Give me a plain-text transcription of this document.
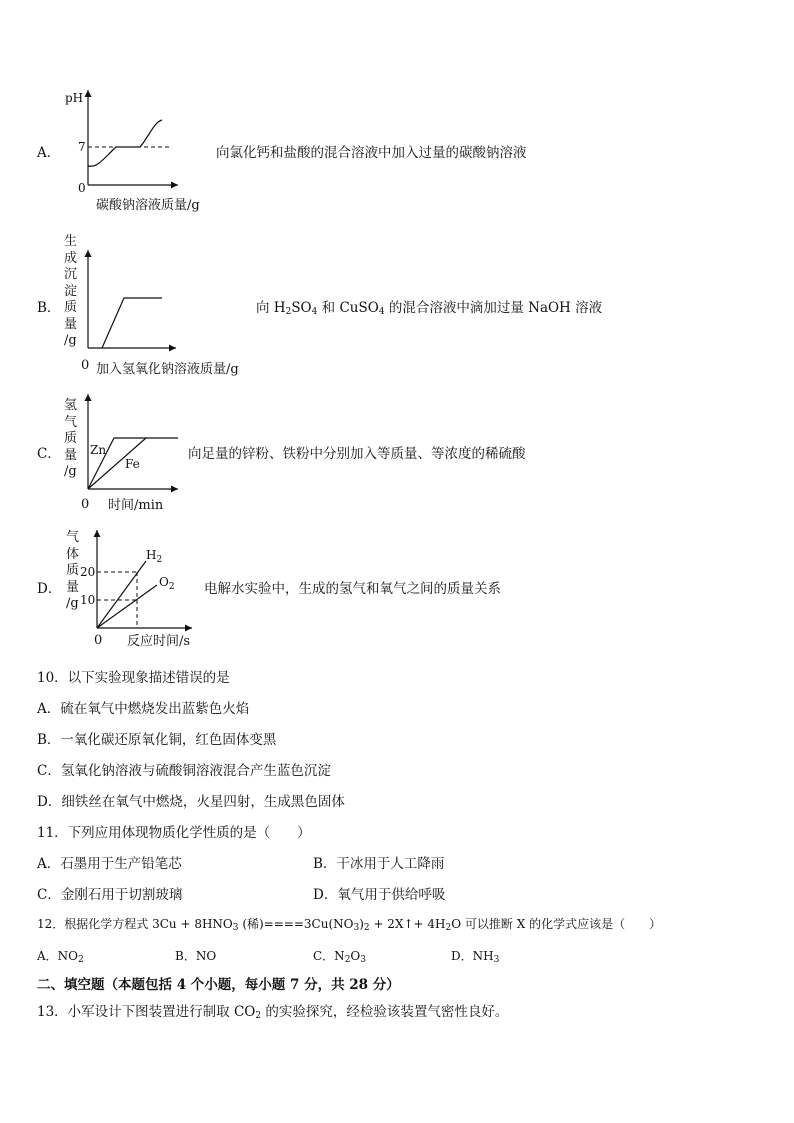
A．
pH
7
0
碳酸钠溶液质量/g
向氯化钙和盐酸的混合溶液中加入过量的碳酸钠溶液
B．
生
成
沉
淀
质
量
/g
0 加入氢氧化钠溶液质量/g
向 $H_2SO_4$ 和 CuSO$_4$ 的混合溶液中滴加过量 NaOH 溶液
C．
氢
气
质
量
/g
Zn
Fe
0 时间/min
向足量的锌粉、铁粉中分别加入等质量、等浓度的稀硫酸
D．
气
体
质
量
/g
20
10
$H_2$
$O_2$
0 反应时间/s
电解水实验中，生成的氢气和氧气之间的质量关系
10．以下实验现象描述错误的是
A．硫在氧气中燃烧发出蓝紫色火焰
B．一氧化碳还原氧化铜，红色固体变黑
C．氢氧化钠溶液与硫酸铜溶液混合产生蓝色沉淀
D．细铁丝在氧气中燃烧，火星四射，生成黑色固体
11．下列应用体现物质化学性质的是（　　）
A．石墨用于生产铅笔芯	B．干冰用于人工降雨
C．金刚石用于切割玻璃	D．氧气用于供给呼吸
12．根据化学方程式 $3Cu + 8HNO_3$ (稀)$====3Cu(NO_3)_2$ + 2X↑+ $4H_2O$ 可以推断 X 的化学式应该是（　　）
A．$NO_2$	B．NO	C．$N_2O_3$	D．$NH_3$
二、填空题（本题包括 4 个小题，每小题 7 分，共 28 分）
13．小军设计下图装置进行制取 $CO_2$ 的实验探究，经检验该装置气密性良好。
